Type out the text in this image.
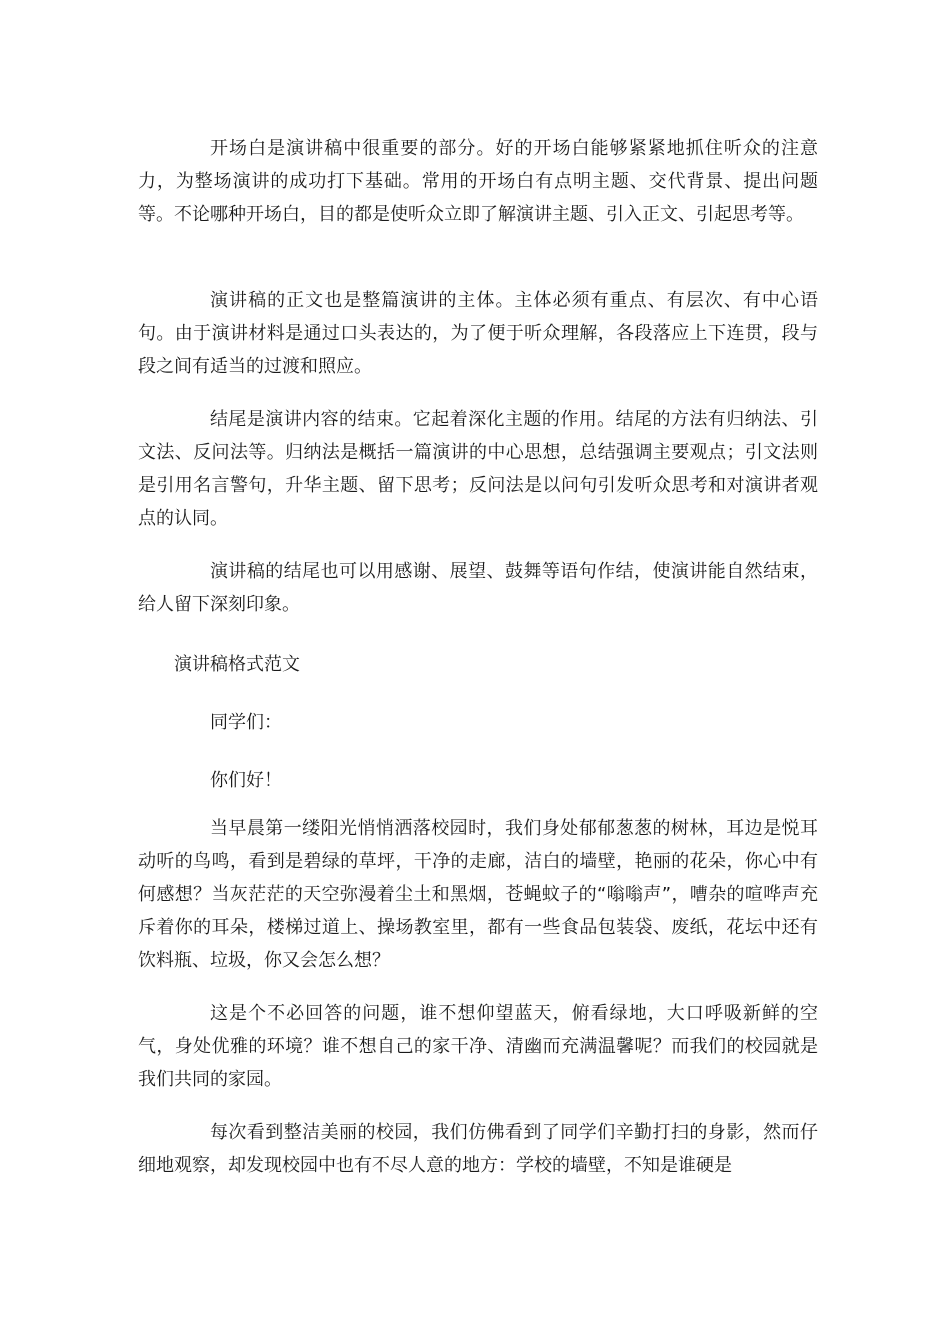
开场白是演讲稿中很重要的部分。好的开场白能够紧紧地抓住听众的注意力，为整场演讲的成功打下基础。常用的开场白有点明主题、交代背景、提出问题等。不论哪种开场白，目的都是使听众立即了解演讲主题、引入正文、引起思考等。

演讲稿的正文也是整篇演讲的主体。主体必须有重点、有层次、有中心语句。由于演讲材料是通过口头表达的，为了便于听众理解，各段落应上下连贯，段与段之间有适当的过渡和照应。

结尾是演讲内容的结束。它起着深化主题的作用。结尾的方法有归纳法、引文法、反问法等。归纳法是概括一篇演讲的中心思想，总结强调主要观点；引文法则是引用名言警句，升华主题、留下思考；反问法是以问句引发听众思考和对演讲者观点的认同。

演讲稿的结尾也可以用感谢、展望、鼓舞等语句作结，使演讲能自然结束，给人留下深刻印象。

演讲稿格式范文
同学们：
你们好！

当早晨第一缕阳光悄悄洒落校园时，我们身处郁郁葱葱的树林，耳边是悦耳动听的鸟鸣，看到是碧绿的草坪，干净的走廊，洁白的墙壁，艳丽的花朵，你心中有何感想？当灰茫茫的天空弥漫着尘土和黑烟，苍蝇蚊子的“嗡嗡声”，嘈杂的喧哗声充斥着你的耳朵，楼梯过道上、操场教室里，都有一些食品包装袋、废纸，花坛中还有饮料瓶、垃圾，你又会怎么想？

这是个不必回答的问题，谁不想仰望蓝天，俯看绿地，大口呼吸新鲜的空气，身处优雅的环境？谁不想自己的家干净、清幽而充满温馨呢？而我们的校园就是我们共同的家园。

每次看到整洁美丽的校园，我们仿佛看到了同学们辛勤打扫的身影，然而仔细地观察，却发现校园中也有不尽人意的地方：学校的墙壁，不知是谁硬是
